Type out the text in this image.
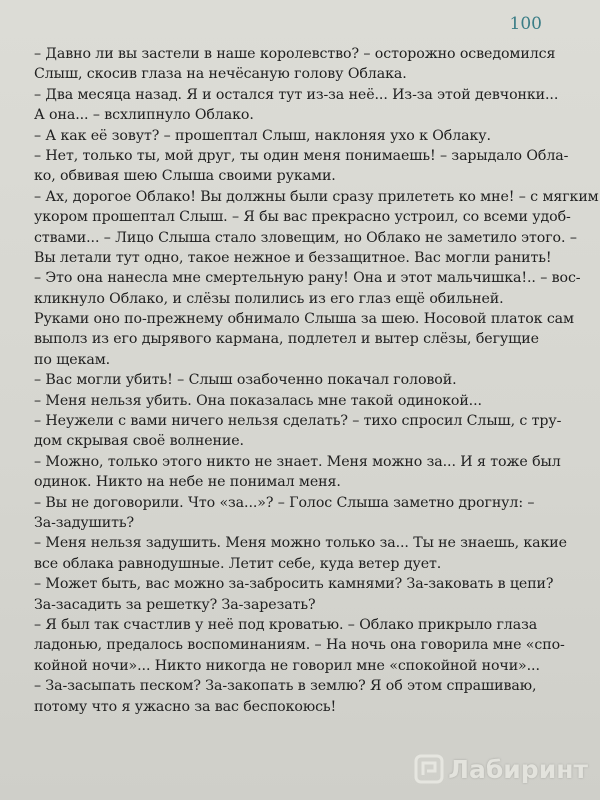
100
– Давно ли вы застели в наше королевство? – осторожно осведомился
Слыш, скосив глаза на нечёсаную голову Облака.
– Два месяца назад. Я и остался тут из-за неё... Из-за этой девчонки...
А она... – всхлипнуло Облако.
– А как её зовут? – прошептал Слыш, наклоняя ухо к Облаку.
– Нет, только ты, мой друг, ты один меня понимаешь! – зарыдало Обла-
ко, обвивая шею Слыша своими руками.
– Ах, дорогое Облако! Вы должны были сразу прилететь ко мне! – с мягким
укором прошептал Слыш. – Я бы вас прекрасно устроил, со всеми удоб-
ствами... – Лицо Слыша стало зловещим, но Облако не заметило этого. –
Вы летали тут одно, такое нежное и беззащитное. Вас могли ранить!
– Это она нанесла мне смертельную рану! Она и этот мальчишка!.. – вос-
кликнуло Облако, и слёзы полились из его глаз ещё обильней.
Руками оно по-прежнему обнимало Слыша за шею. Носовой платок сам
выполз из его дырявого кармана, подлетел и вытер слёзы, бегущие
по щекам.
– Вас могли убить! – Слыш озабоченно покачал головой.
– Меня нельзя убить. Она показалась мне такой одинокой...
– Неужели с вами ничего нельзя сделать? – тихо спросил Слыш, с тру-
дом скрывая своё волнение.
– Можно, только этого никто не знает. Меня можно за... И я тоже был
одинок. Никто на небе не понимал меня.
– Вы не договорили. Что «за...»? – Голос Слыша заметно дрогнул: –
За-задушить?
– Меня нельзя задушить. Меня можно только за... Ты не знаешь, какие
все облака равнодушные. Летит себе, куда ветер дует.
– Может быть, вас можно за-забросить камнями? За-заковать в цепи?
За-засадить за решетку? За-зарезать?
– Я был так счастлив у неё под кроватью. – Облако прикрыло глаза
ладонью, предалось воспоминаниям. – На ночь она говорила мне «спо-
койной ночи»... Никто никогда не говорил мне «спокойной ночи»...
– За-засыпать песком? За-закопать в землю? Я об этом спрашиваю,
потому что я ужасно за вас беспокоюсь!
Лабиринт
